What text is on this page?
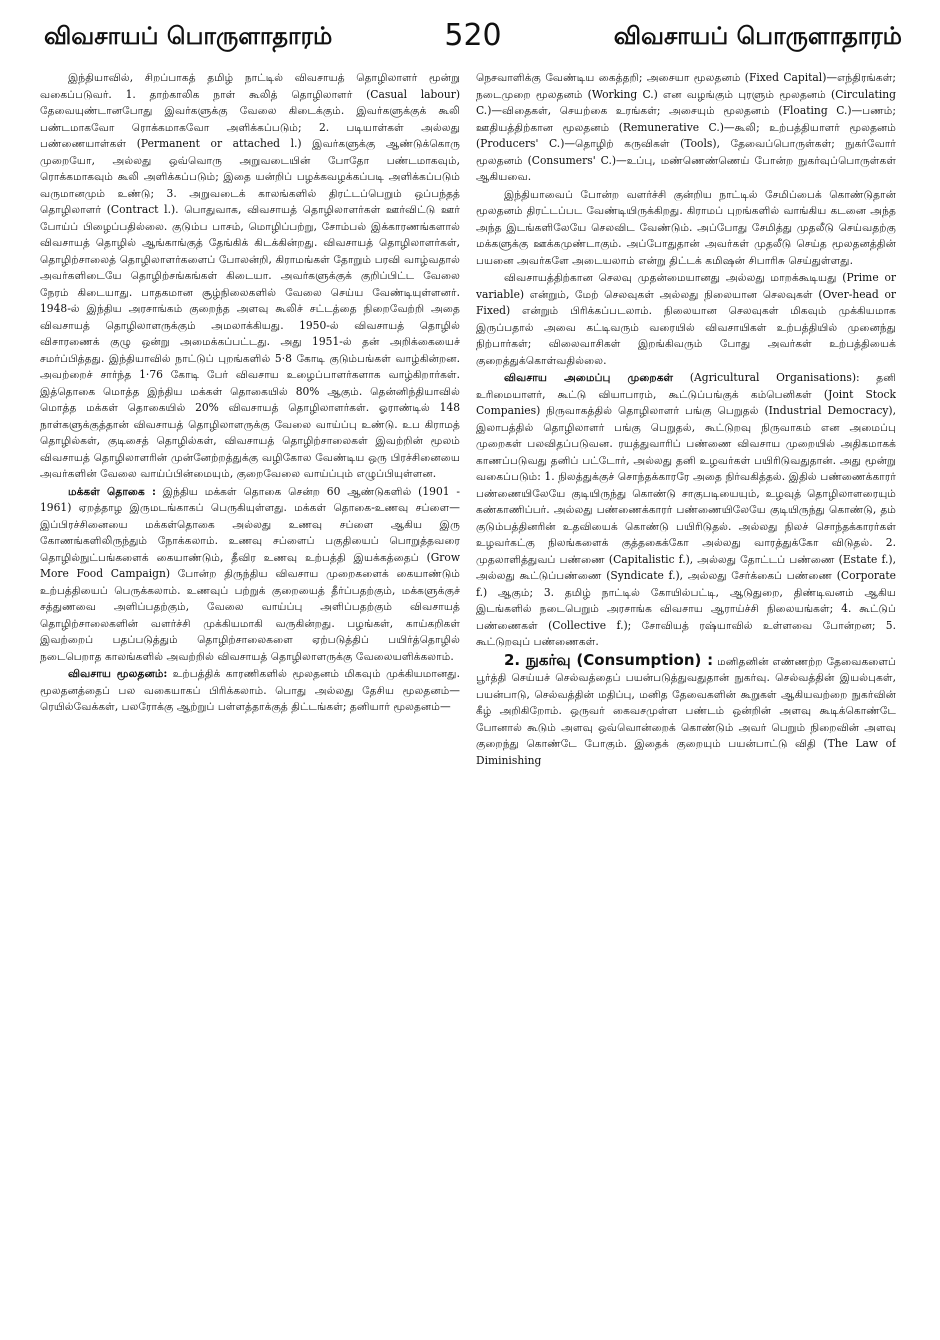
விவசாயப் பொருளாதாரம்	520	விவசாயப் பொருளாதாரம்

இந்தியாவில், சிறப்பாகத் தமிழ் நாட்டில் விவசாயத் தொழிலாளர் மூன்று வகைப்படுவர். 1. தாற்காலிக நாள் கூலித் தொழிலாளர் (Casual labour) தேவையுண்டானபோது இவர்களுக்கு வேலை கிடைக்கும். இவர்களுக்குக் கூலி பண்டமாகவோ ரொக்கமாகவோ அளிக்கப்படும்; 2. படியாள்கள் அல்லது பண்ணையாள்கள் (Permanent or attached l.) இவர்களுக்கு ஆண்டுக்கொரு முறையோ, அல்லது ஒவ்வொரு அறுவடையின் போதோ பண்டமாகவும், ரொக்கமாகவும் கூலி அளிக்கப்படும்; இதை யன்றிப் பழக்கவழக்கப்படி அளிக்கப்படும் வருமானமும் உண்டு; 3. அறுவடைக் காலங்களில் திரட்டப்பெறும் ஒப்பந்தத் தொழிலாளர் (Contract l.). பொதுவாக, விவசாயத் தொழிலாளர்கள் ஊர்விட்டு ஊர் போய்ப் பிழைப்பதில்லை. குடும்ப பாசம், மொழிப்பற்று, சோம்பல் இக்காரணங்களால் விவசாயத் தொழில் ஆங்காங்குத் தேங்கிக் கிடக்கின்றது. விவசாயத் தொழிலாளர்கள், தொழிற்சாலைத் தொழிலாளர்களைப் போலன்றி, கிராமங்கள் தோறும் பரவி வாழ்வதால் அவர்களிடையே தொழிற்சங்கங்கள் கிடையா. அவர்களுக்குக் குறிப்பிட்ட வேலை நேரம் கிடையாது. பாதகமான சூழ்நிலைகளில் வேலை செய்ய வேண்டியுள்ளனர். 1948-ல் இந்திய அரசாங்கம் குறைந்த அளவு கூலிச் சட்டத்தை நிறைவேற்றி அதை விவசாயத் தொழிலாளருக்கும் அமலாக்கியது. 1950-ல் விவசாயத் தொழில் விசாரணைக் குழு ஒன்று அமைக்கப்பட்டது. அது 1951-ல் தன் அறிக்கையைச் சமர்ப்பித்தது. இந்தியாவில் நாட்டுப் புறங்களில் 5·8 கோடி குடும்பங்கள் வாழ்கின்றன. அவற்றைச் சார்ந்த 1·76 கோடி பேர் விவசாய உழைப்பாளர்களாக வாழ்கிறார்கள். இத்தொகை மொத்த இந்திய மக்கள் தொகையில் 80% ஆகும். தென்னிந்தியாவில் மொத்த மக்கள் தொகையில் 20% விவசாயத் தொழிலாளர்கள். ஓராண்டில் 148 நாள்களுக்குத்தான் விவசாயத் தொழிலாளருக்கு வேலை வாய்ப்பு உண்டு. உப கிராமத் தொழில்கள், குடிசைத் தொழில்கள், விவசாயத் தொழிற்சாலைகள் இவற்றின் மூலம் விவசாயத் தொழிலாளரின் முன்னேற்றத்துக்கு வழிகோல வேண்டிய ஒரு பிரச்சினையை அவர்களின் வேலை வாய்ப்பின்மையும், குறைவேலை வாய்ப்பும் எழுப்பியுள்ளன.

மக்கள் தொகை : இந்திய மக்கள் தொகை சென்ற 60 ஆண்டுகளில் (1901 - 1961) ஏறத்தாழ இருமடங்காகப் பெருகியுள்ளது. மக்கள் தொகை-உணவு சப்ளை—இப்பிரச்சினையை மக்கள்தொகை அல்லது உணவு சப்ளை ஆகிய இரு கோணங்களிலிருந்தும் நோக்கலாம். உணவு சப்ளைப் பகுதியைப் பொறுத்தவரை தொழில்நுட்பங்களைக் கையாண்டும், தீவிர உணவு உற்பத்தி இயக்கத்தைப் (Grow More Food Campaign) போன்ற திருந்திய விவசாய முறைகளைக் கையாண்டும் உற்பத்தியைப் பெருக்கலாம். உணவுப் பற்றுக் குறையைத் தீர்ப்பதற்கும், மக்களுக்குச் சத்துணவை அளிப்பதற்கும், வேலை வாய்ப்பு அளிப்பதற்கும் விவசாயத் தொழிற்சாலைகளின் வளர்ச்சி முக்கியமாகி வருகின்றது. பழங்கள், காய்கறிகள் இவற்றைப் பதப்படுத்தும் தொழிற்சாலைகளை ஏற்படுத்திப் பயிர்த்தொழில் நடைபெறாத காலங்களில் அவற்றில் விவசாயத் தொழிலாளருக்கு வேலையளிக்கலாம்.

விவசாய மூலதனம்: உற்பத்திக் காரணிகளில் மூலதனம் மிகவும் முக்கியமானது. மூலதனத்தைப் பல வகையாகப் பிரிக்கலாம். பொது அல்லது தேசிய மூலதனம்—ரெயில்வேக்கள், பலரோக்கு ஆற்றுப் பள்ளத்தாக்குத் திட்டங்கள்; தனியார் மூலதனம்—

நெசவாளிக்கு வேண்டிய கைத்தறி; அசையா மூலதனம் (Fixed Capital)—எந்திரங்கள்; நடைமுறை மூலதனம் (Working C.) என வழங்கும் புரளும் மூலதனம் (Circulating C.)—விதைகள், செயற்கை உரங்கள்; அசையும் மூலதனம் (Floating C.)—பணம்; ஊதியத்திற்கான மூலதனம் (Remunerative C.)—கூலி; உற்பத்தியாளர் மூலதனம் (Producers' C.)—தொழிற் கருவிகள் (Tools), தேவைப்பொருள்கள்; நுகர்வோர் மூலதனம் (Consumers' C.)—உப்பு, மண்ணெண்ணெய் போன்ற நுகர்வுப்பொருள்கள் ஆகியவை.

இந்தியாவைப் போன்ற வளர்ச்சி குன்றிய நாட்டில் சேமிப்பைக் கொண்டுதான் மூலதனம் திரட்டப்பட வேண்டியிருக்கிறது. கிராமப் புறங்களில் வாங்கிய கடனை அந்த அந்த இடங்களிலேயே செலவிட வேண்டும். அப்போது சேமித்து முதலீடு செய்வதற்கு மக்களுக்கு ஊக்கமுண்டாகும். அப்போதுதான் அவர்கள் முதலீடு செய்த மூலதனத்தின் பயனை அவர்களே அடையலாம் என்று திட்டக் கமிஷன் சிபாரிசு செய்துள்ளது.

விவசாயத்திற்கான செலவு முதன்மையானது அல்லது மாறக்கூடியது (Prime or variable) என்றும், மேற் செலவுகள் அல்லது நிலையான செலவுகள் (Over-head or Fixed) என்றும் பிரிக்கப்படலாம். நிலையான செலவுகள் மிகவும் முக்கியமாக இருப்பதால் அவை கட்டிவரும் வரையில் விவசாயிகள் உற்பத்தியில் முனைந்து நிற்பார்கள்; விலைவாசிகள் இறங்கிவரும் போது அவர்கள் உற்பத்தியைக் குறைத்துக்கொள்வதில்லை.

விவசாய அமைப்பு முறைகள் (Agricultural Organisations): தனி உரிமையாளர், கூட்டு வியாபாரம், கூட்டுப்பங்குக் கம்பெனிகள் (Joint Stock Companies) நிருவாகத்தில் தொழிலாளர் பங்கு பெறுதல் (Industrial Democracy), இலாபத்தில் தொழிலாளர் பங்கு பெறுதல், கூட்டுறவு நிருவாகம் என அமைப்பு முறைகள் பலவிதப்படுவன. ரயத்துவாரிப் பண்ணை விவசாய முறையில் அதிகமாகக் காணப்படுவது தனிப் பட்டோர், அல்லது தனி உழவர்கள் பயிரிடுவதுதான். அது மூன்று வகைப்படும்: 1. நிலத்துக்குச் சொந்தக்காரரே அதை நிர்வகித்தல். இதில் பண்ணைக்காரர் பண்ணையிலேயே குடியிருந்து கொண்டு சாகுபடியையும், உழவுத் தொழிலாளரையும் கண்காணிப்பர். அல்லது பண்ணைக்காரர் பண்ணையிலேயே குடியிருந்து கொண்டு, தம் குடும்பத்தினரின் உதவியைக் கொண்டு பயிரிடுதல். அல்லது நிலச் சொந்தக்காரர்கள் உழவர்கட்கு நிலங்களைக் குத்தகைக்கோ அல்லது வாரத்துக்கோ விடுதல். 2. முதலாளித்துவப் பண்ணை (Capitalistic f.), அல்லது தோட்டப் பண்ணை (Estate f.), அல்லது கூட்டுப்பண்ணை (Syndicate f.), அல்லது சேர்க்கைப் பண்ணை (Corporate f.) ஆகும்; 3. தமிழ் நாட்டில் கோயில்பட்டி, ஆடுதுறை, திண்டிவனம் ஆகிய இடங்களில் நடைபெறும் அரசாங்க விவசாய ஆராய்ச்சி நிலையங்கள்; 4. கூட்டுப் பண்ணைகள் (Collective f.); சோவியத் ரஷ்யாவில் உள்ளவை போன்றன; 5. கூட்டுறவுப் பண்ணைகள்.

2. நுகர்வு (Consumption) : மனிதனின் எண்ணற்ற தேவைகளைப் பூர்த்தி செய்யச் செல்வத்தைப் பயன்படுத்துவதுதான் நுகர்வு. செல்வத்தின் இயல்புகள், பயன்பாடு, செல்வத்தின் மதிப்பு, மனித தேவைகளின் கூறுகள் ஆகியவற்றை நுகர்வின் கீழ் அறிகிறோம். ஒருவர் கைவசமுள்ள பண்டம் ஒன்றின் அளவு கூடிக்கொண்டே போனால் கூடும் அளவு ஒவ்வொன்றைக் கொண்டும் அவர் பெறும் நிறைவின் அளவு குறைந்து கொண்டே போகும். இதைக் குறையும் பயன்பாட்டு விதி (The Law of Diminishing
